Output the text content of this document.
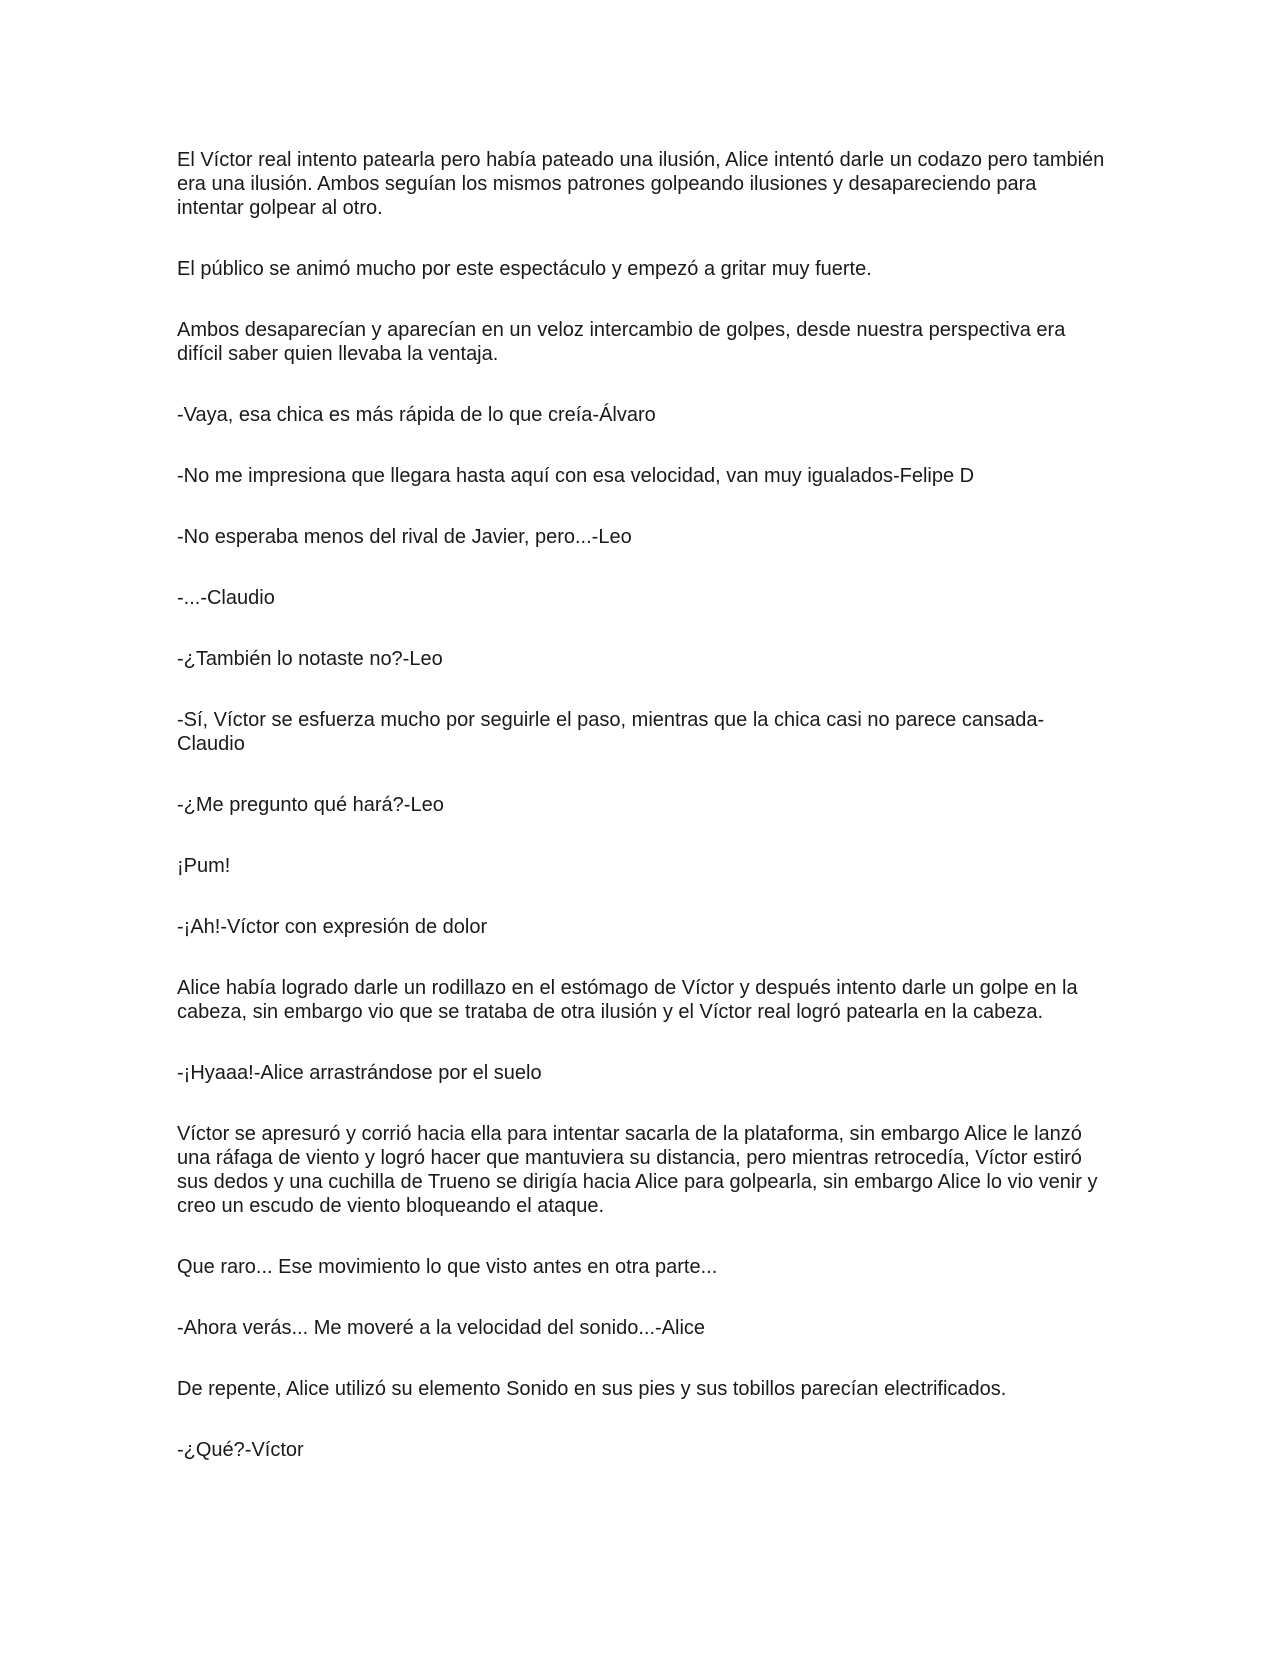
El Víctor real intento patearla pero había pateado una ilusión, Alice intentó darle un codazo pero también era una ilusión. Ambos seguían los mismos patrones golpeando ilusiones y desapareciendo para intentar golpear al otro.

El público se animó mucho por este espectáculo y empezó a gritar muy fuerte.

Ambos desaparecían y aparecían en un veloz intercambio de golpes, desde nuestra perspectiva era difícil saber quien llevaba la ventaja.

-Vaya, esa chica es más rápida de lo que creía-Álvaro

-No me impresiona que llegara hasta aquí con esa velocidad, van muy igualados-Felipe D

-No esperaba menos del rival de Javier, pero...-Leo

-...-Claudio

-¿También lo notaste no?-Leo

-Sí, Víctor se esfuerza mucho por seguirle el paso, mientras que la chica casi no parece cansada-Claudio

-¿Me pregunto qué hará?-Leo

¡Pum!

-¡Ah!-Víctor con expresión de dolor

Alice había logrado darle un rodillazo en el estómago de Víctor y después intento darle un golpe en la cabeza, sin embargo vio que se trataba de otra ilusión y el Víctor real logró patearla en la cabeza.

-¡Hyaaa!-Alice arrastrándose por el suelo

Víctor se apresuró y corrió hacia ella para intentar sacarla de la plataforma, sin embargo Alice le lanzó una ráfaga de viento y logró hacer que mantuviera su distancia, pero mientras retrocedía, Víctor estiró sus dedos y una cuchilla de Trueno se dirigía hacia Alice para golpearla, sin embargo Alice lo vio venir y creo un escudo de viento bloqueando el ataque.

Que raro... Ese movimiento lo que visto antes en otra parte...

-Ahora verás... Me moveré a la velocidad del sonido...-Alice

De repente, Alice utilizó su elemento Sonido en sus pies y sus tobillos parecían electrificados.

-¿Qué?-Víctor
